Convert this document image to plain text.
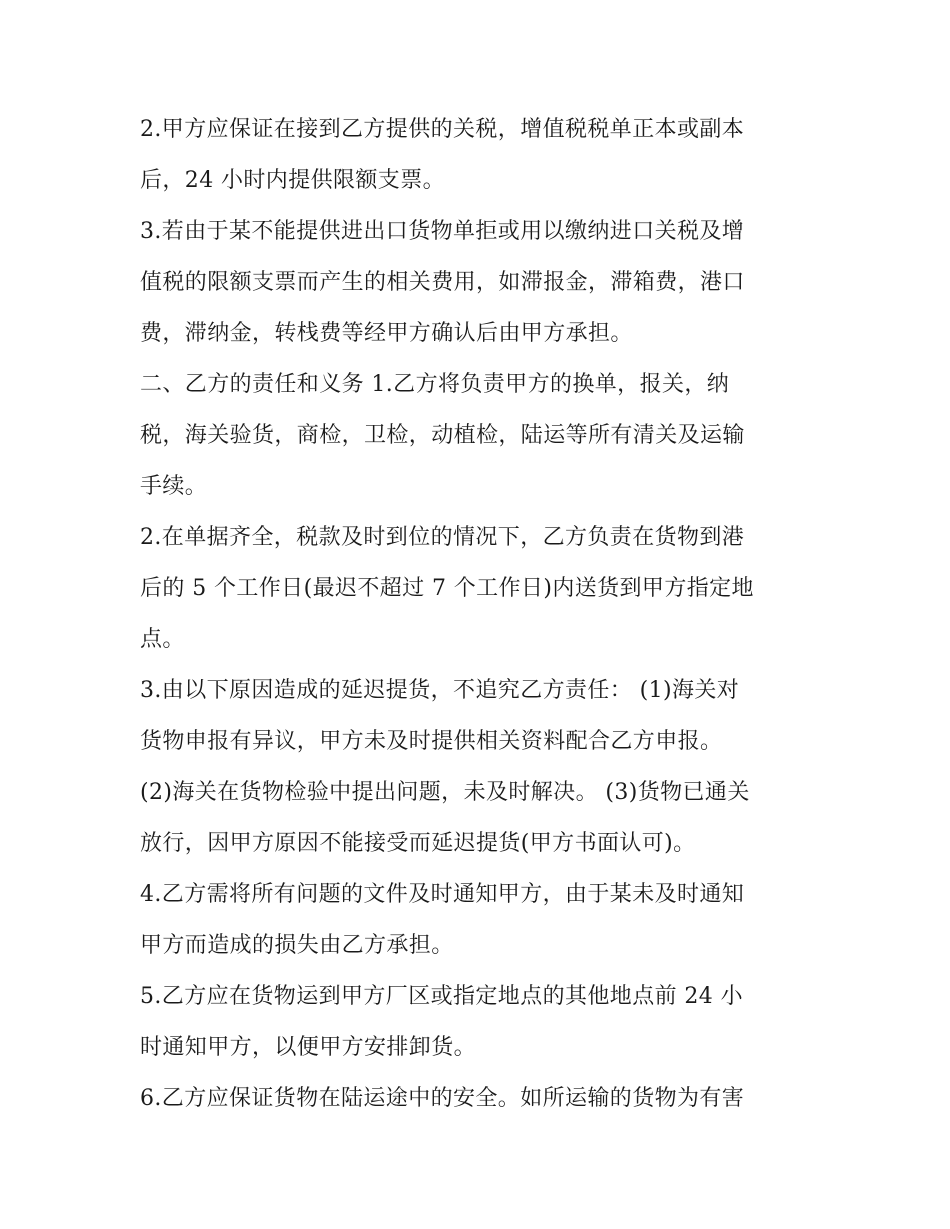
2.甲方应保证在接到乙方提供的关税，增值税税单正本或副本
后，24 小时内提供限额支票。
3.若由于某不能提供进出口货物单拒或用以缴纳进口关税及增
值税的限额支票而产生的相关费用，如滞报金，滞箱费，港口
费，滞纳金，转栈费等经甲方确认后由甲方承担。
二、乙方的责任和义务 1.乙方将负责甲方的换单，报关，纳
税，海关验货，商检，卫检，动植检，陆运等所有清关及运输
手续。
2.在单据齐全，税款及时到位的情况下，乙方负责在货物到港
后的 5 个工作日(最迟不超过 7 个工作日)内送货到甲方指定地
点。
3.由以下原因造成的延迟提货，不追究乙方责任： (1)海关对
货物申报有异议，甲方未及时提供相关资料配合乙方申报。
(2)海关在货物检验中提出问题，未及时解决。 (3)货物已通关
放行，因甲方原因不能接受而延迟提货(甲方书面认可)。
4.乙方需将所有问题的文件及时通知甲方，由于某未及时通知
甲方而造成的损失由乙方承担。
5.乙方应在货物运到甲方厂区或指定地点的其他地点前 24 小
时通知甲方，以便甲方安排卸货。
6.乙方应保证货物在陆运途中的安全。如所运输的货物为有害
